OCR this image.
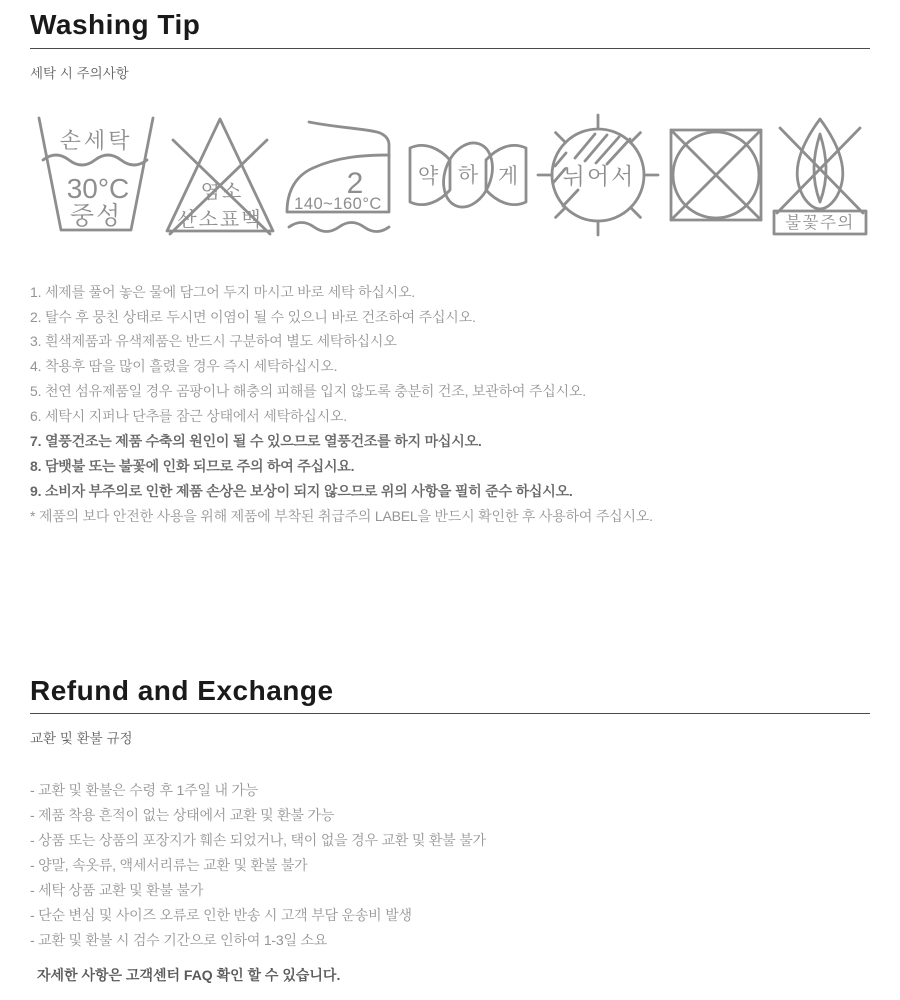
Washing Tip
세탁 시 주의사항
손세탁
30°C
중성
염소
산소표백
2
140~160°C
약 하 게 뉘어서
불꽃주의
1. 세제를 풀어 놓은 물에 담그어 두지 마시고 바로 세탁 하십시오.
2. 탈수 후 뭉친 상태로 두시면 이염이 될 수 있으니 바로 건조하여 주십시오.
3. 흰색제품과 유색제품은 반드시 구분하여 별도 세탁하십시오
4. 착용후 땀을 많이 흘렸을 경우 즉시 세탁하십시오.
5. 천연 섬유제품일 경우 곰팡이나 해충의 피해를 입지 않도록 충분히 건조, 보관하여 주십시오.
6. 세탁시 지퍼나 단추를 잠근 상태에서 세탁하십시오.
7. 열풍건조는 제품 수축의 원인이 될 수 있으므로 열풍건조를 하지 마십시오.
8. 담뱃불 또는 불꽃에 인화 되므로 주의 하여 주십시요.
9. 소비자 부주의로 인한 제품 손상은 보상이 되지 않으므로 위의 사항을 필히 준수 하십시오.
* 제품의 보다 안전한 사용을 위해 제품에 부착된 취급주의 LABEL을 반드시 확인한 후 사용하여 주십시오.
Refund and Exchange
교환 및 환불 규정
- 교환 및 환불은 수령 후 1주일 내 가능
- 제품 착용 흔적이 없는 상태에서 교환 및 환불 가능
- 상품 또는 상품의 포장지가 훼손 되었거나, 택이 없을 경우 교환 및 환불 불가
- 양말, 속옷류, 액세서리류는 교환 및 환불 불가
- 세탁 상품 교환 및 환불 불가
- 단순 변심 및 사이즈 오류로 인한 반송 시 고객 부담 운송비 발생
- 교환 및 환불 시 검수 기간으로 인하여 1-3일 소요
자세한 사항은 고객센터 FAQ 확인 할 수 있습니다.
